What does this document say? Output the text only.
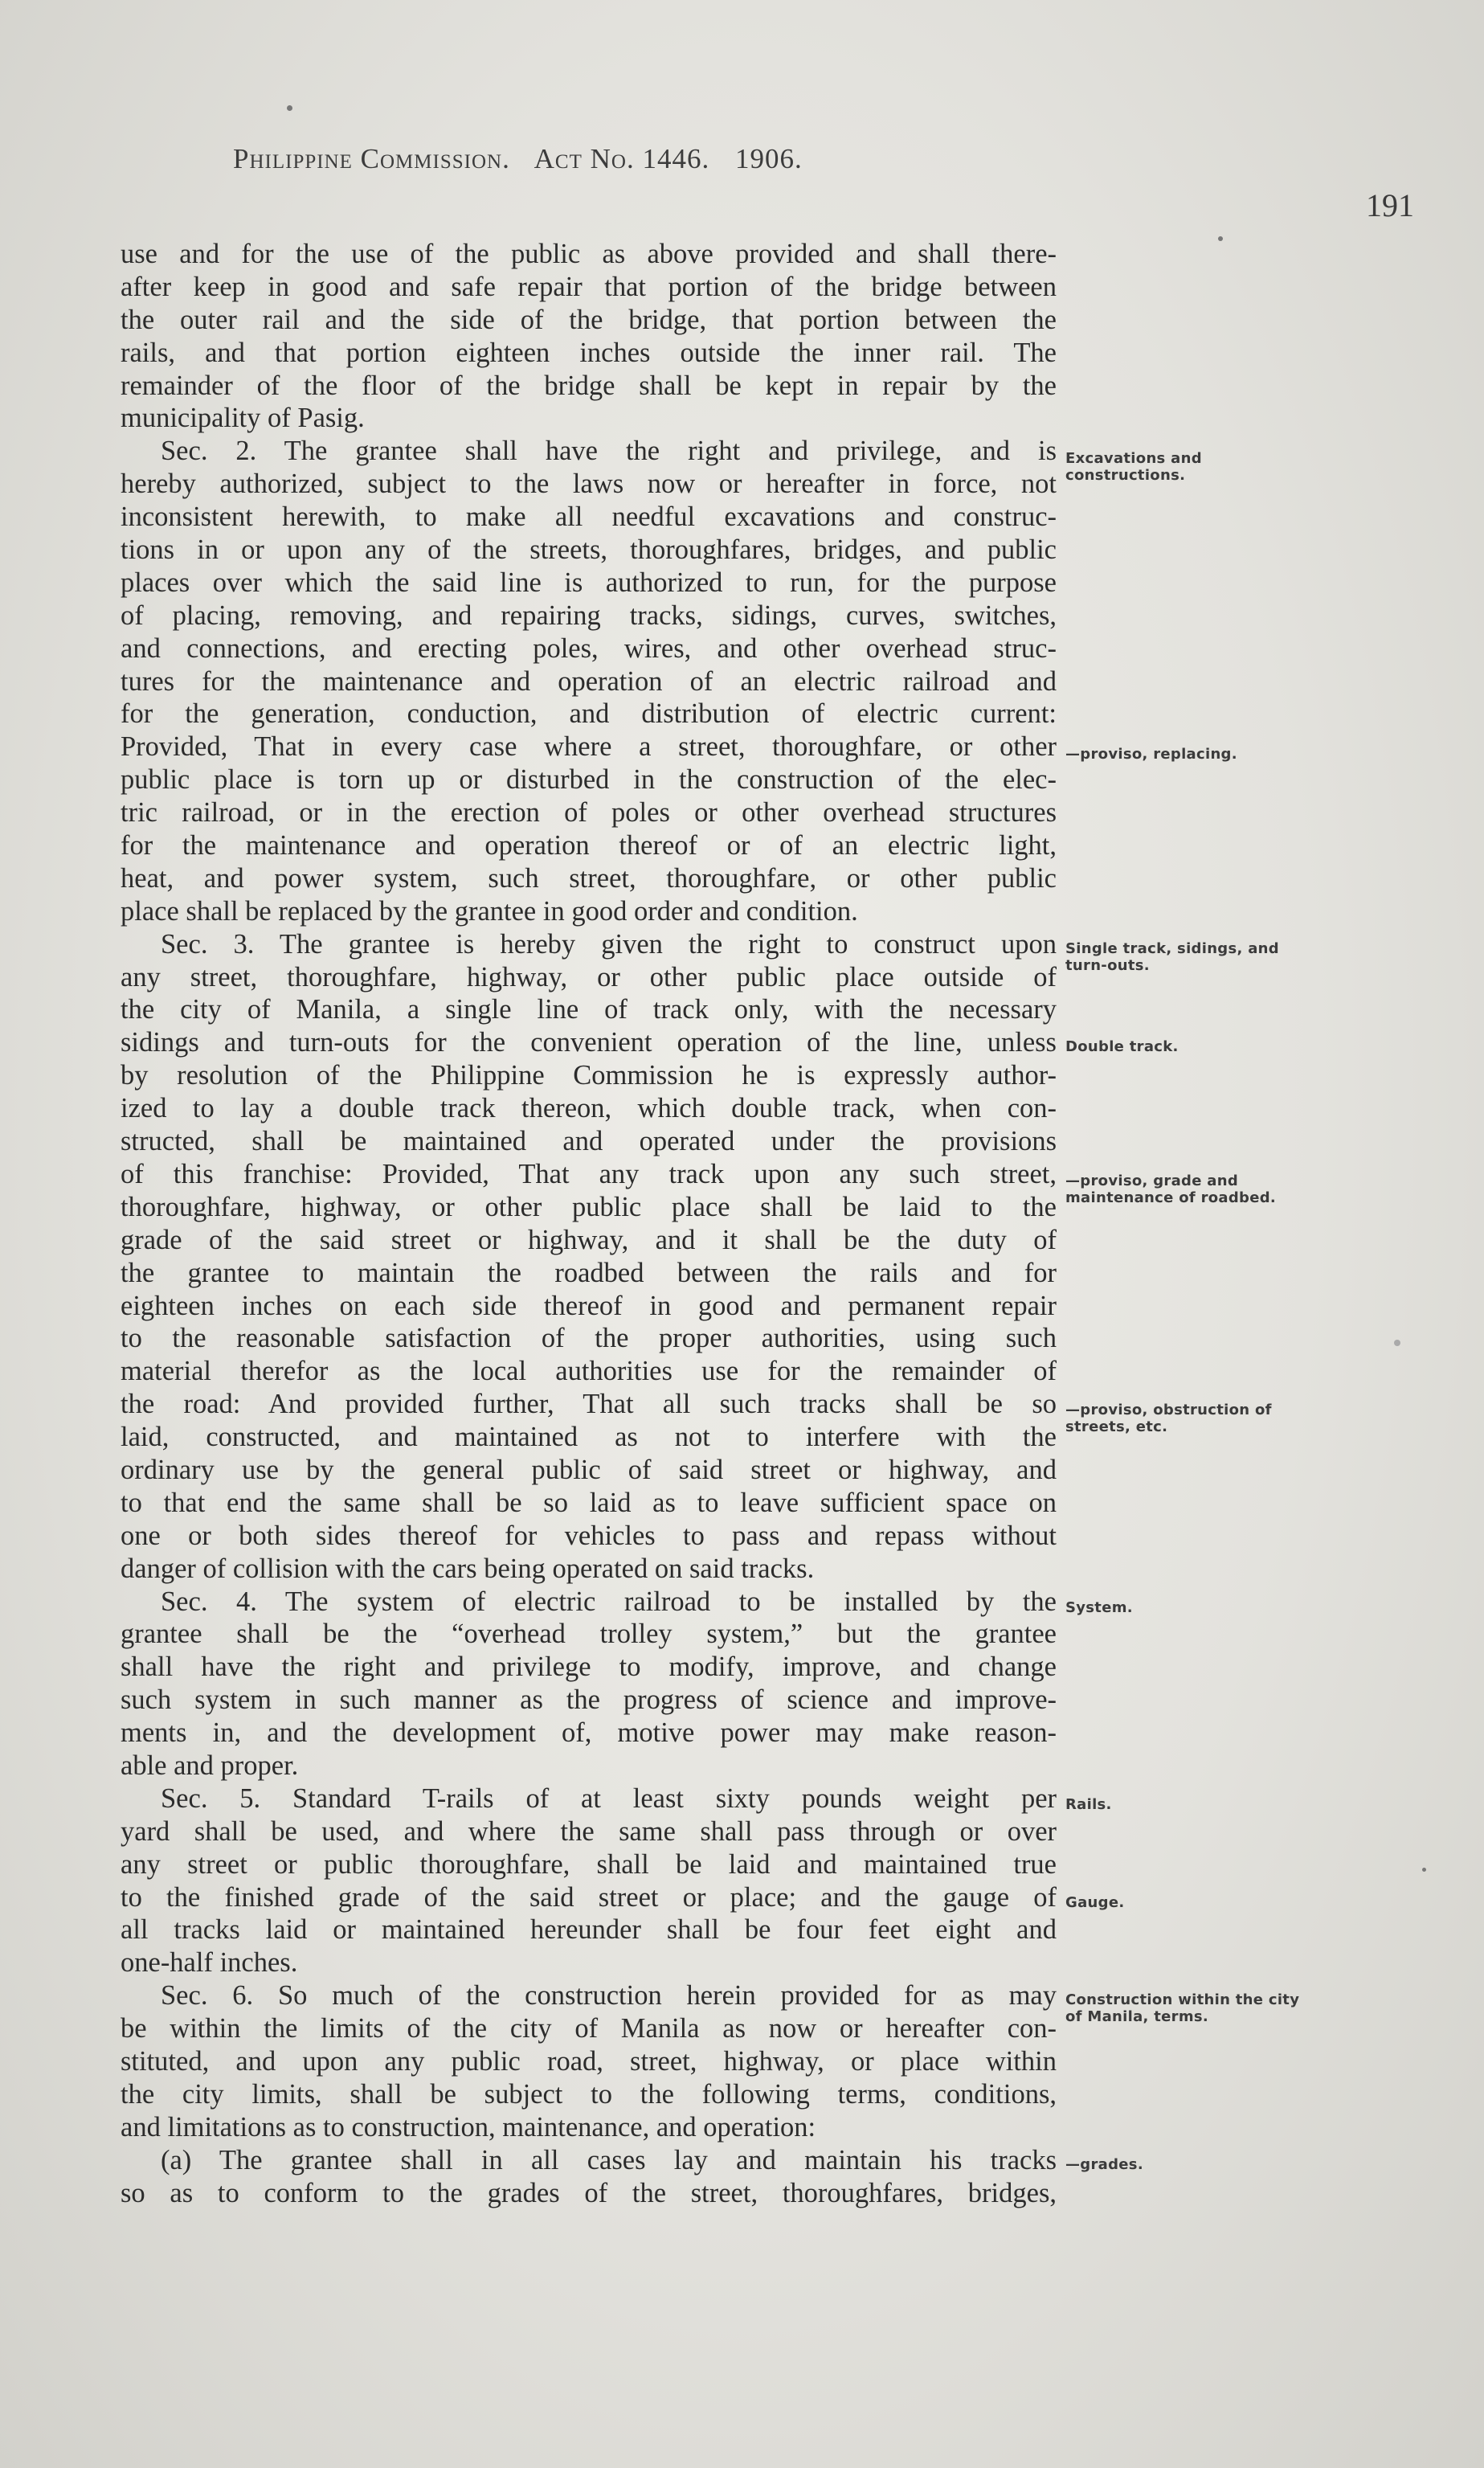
Philippine Commission. Act No. 1446. 1906.
191
use and for the use of the public as above provided and shall there-
after keep in good and safe repair that portion of the bridge between
the outer rail and the side of the bridge, that portion between the
rails, and that portion eighteen inches outside the inner rail. The
remainder of the floor of the bridge shall be kept in repair by the
municipality of Pasig.
Sec. 2. The grantee shall have the right and privilege, and is
hereby authorized, subject to the laws now or hereafter in force, not
inconsistent herewith, to make all needful excavations and construc-
tions in or upon any of the streets, thoroughfares, bridges, and public
places over which the said line is authorized to run, for the purpose
of placing, removing, and repairing tracks, sidings, curves, switches,
and connections, and erecting poles, wires, and other overhead struc-
tures for the maintenance and operation of an electric railroad and
for the generation, conduction, and distribution of electric current:
Provided, That in every case where a street, thoroughfare, or other
public place is torn up or disturbed in the construction of the elec-
tric railroad, or in the erection of poles or other overhead structures
for the maintenance and operation thereof or of an electric light,
heat, and power system, such street, thoroughfare, or other public
place shall be replaced by the grantee in good order and condition.
Sec. 3. The grantee is hereby given the right to construct upon
any street, thoroughfare, highway, or other public place outside of
the city of Manila, a single line of track only, with the necessary
sidings and turn-outs for the convenient operation of the line, unless
by resolution of the Philippine Commission he is expressly author-
ized to lay a double track thereon, which double track, when con-
structed, shall be maintained and operated under the provisions
of this franchise: Provided, That any track upon any such street,
thoroughfare, highway, or other public place shall be laid to the
grade of the said street or highway, and it shall be the duty of
the grantee to maintain the roadbed between the rails and for
eighteen inches on each side thereof in good and permanent repair
to the reasonable satisfaction of the proper authorities, using such
material therefor as the local authorities use for the remainder of
the road: And provided further, That all such tracks shall be so
laid, constructed, and maintained as not to interfere with the
ordinary use by the general public of said street or highway, and
to that end the same shall be so laid as to leave sufficient space on
one or both sides thereof for vehicles to pass and repass without
danger of collision with the cars being operated on said tracks.
Sec. 4. The system of electric railroad to be installed by the
grantee shall be the “overhead trolley system,” but the grantee
shall have the right and privilege to modify, improve, and change
such system in such manner as the progress of science and improve-
ments in, and the development of, motive power may make reason-
able and proper.
Sec. 5. Standard T-rails of at least sixty pounds weight per
yard shall be used, and where the same shall pass through or over
any street or public thoroughfare, shall be laid and maintained true
to the finished grade of the said street or place; and the gauge of
all tracks laid or maintained hereunder shall be four feet eight and
one-half inches.
Sec. 6. So much of the construction herein provided for as may
be within the limits of the city of Manila as now or hereafter con-
stituted, and upon any public road, street, highway, or place within
the city limits, shall be subject to the following terms, conditions,
and limitations as to construction, maintenance, and operation:
(a) The grantee shall in all cases lay and maintain his tracks
so as to conform to the grades of the street, thoroughfares, bridges,
Excavations and constructions.
—proviso, replacing.
Single track, sidings, and turn-outs.
Double track.
—proviso, grade and maintenance of roadbed.
—proviso, obstruction of streets, etc.
System.
Rails.
Gauge.
Construction within the city of Manila, terms.
—grades.
